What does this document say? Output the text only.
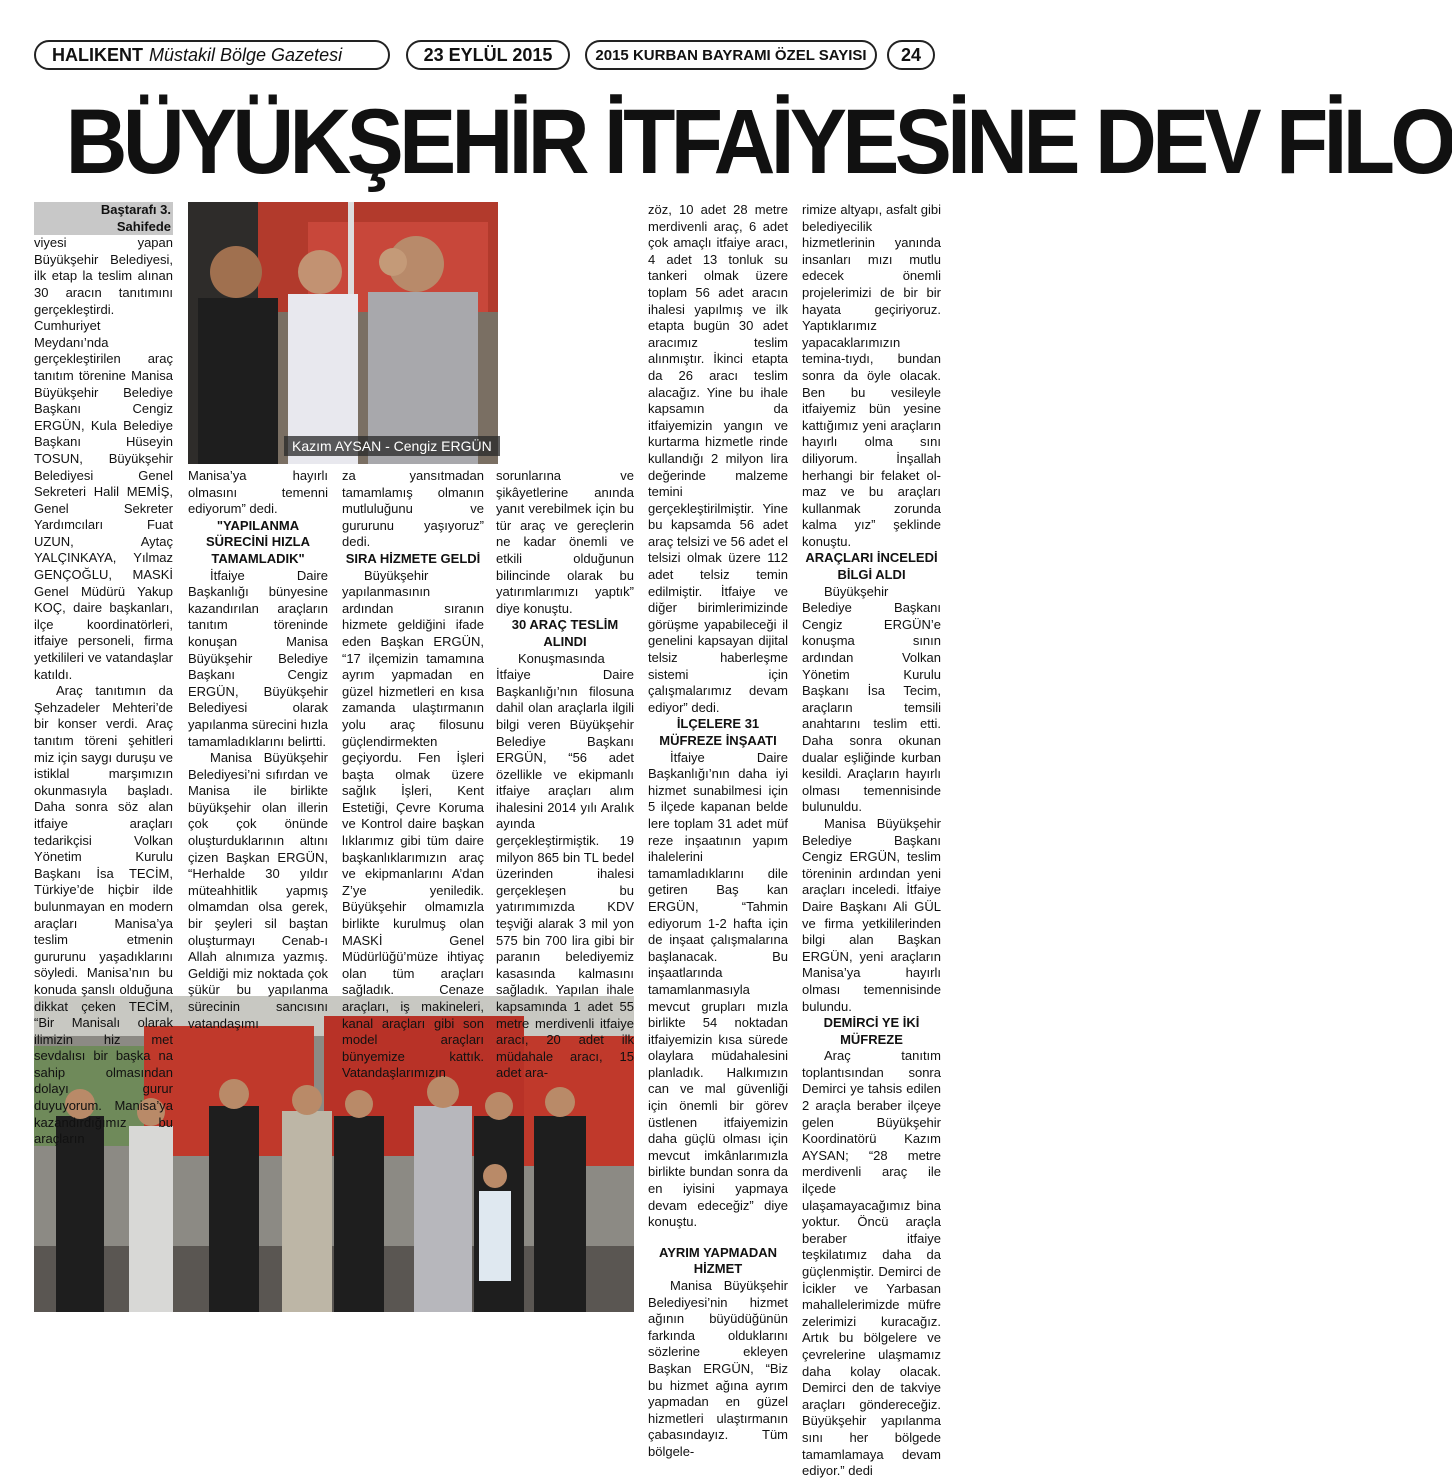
HALIKENT Müstakil Bölge Gazetesi	23 EYLÜL 2015	2015 KURBAN BAYRAMI ÖZEL SAYISI	24
BÜYÜKŞEHİR İTFAİYESİNE DEV FİLO
Kazım AYSAN - Cengiz ERGÜN
Baştarafı 3. Sahifede

viyesi yapan Büyükşehir Belediyesi, ilk etap la teslim alınan 30 aracın tanıtımını gerçekleştirdi. Cumhuriyet Meydanı’nda gerçekleştirilen araç tanıtım törenine Manisa Büyükşehir Belediye Başkanı Cengiz ERGÜN, Kula Belediye Başkanı Hüseyin TOSUN, Büyükşehir Belediyesi Genel Sekreteri Halil MEMİŞ, Genel Sekreter Yardımcıları Fuat UZUN, Aytaç YALÇINKAYA, Yılmaz GENÇOĞLU, MASKİ Genel Müdürü Yakup KOÇ, daire başkanları, ilçe koordinatörleri, itfaiye personeli, firma yetkilileri ve vatandaşlar katıldı.

Araç tanıtımın da Şehzadeler Mehteri’de bir konser verdi. Araç tanıtım töreni şehitleri miz için saygı duruşu ve istiklal marşımızın okunmasıyla başladı. Daha sonra söz alan itfaiye araçları tedarikçisi Volkan Yönetim Kurulu Başkanı İsa TECİM, Türkiye’de hiçbir ilde bulunmayan en modern araçları Manisa’ya teslim etmenin gururunu yaşadıklarını söyledi. Manisa’nın bu konuda şanslı olduğuna dikkat çeken TECİM, “Bir Manisalı olarak ilimizin hiz met sevdalısı bir başka na sahip olmasından dolayı gurur duyuyorum. Manisa’ya kazandırdığımız bu araçların

Manisa’ya hayırlı olmasını temenni ediyorum” dedi.

"YAPILANMA SÜRECİNİ HIZLA TAMAMLADIK"

İtfaiye Daire Başkanlığı bünyesine kazandırılan araçların tanıtım töreninde konuşan Manisa Büyükşehir Belediye Başkanı Cengiz ERGÜN, Büyükşehir Belediyesi olarak yapılanma sürecini hızla tamamladıklarını belirtti.

Manisa Büyükşehir Belediyesi’ni sıfırdan ve Manisa ile birlikte büyükşehir olan illerin çok çok önünde oluşturduklarının altını çizen Başkan ERGÜN, “Herhalde 30 yıldır müteahhitlik yapmış olmamdan olsa gerek, bir şeyleri sil baştan oluşturmayı Cenab-ı Allah alnımıza yazmış. Geldiği miz noktada çok şükür bu yapılanma sürecinin sancısını vatandaşımı

za yansıtmadan tamamlamış olmanın mutluluğunu ve gururunu yaşıyoruz” dedi.

SIRA HİZMETE GELDİ

Büyükşehir yapılanmasının ardından sıranın hizmete geldiğini ifade eden Başkan ERGÜN, “17 ilçemizin tamamına ayrım yapmadan en güzel hizmetleri en kısa zamanda ulaştırmanın yolu araç filosunu güçlendirmekten geçiyordu. Fen İşleri başta olmak üzere sağlık İşleri, Kent Estetiği, Çevre Koruma ve Kontrol daire başkan lıklarımız gibi tüm daire başkanlıklarımızın araç ve ekipmanlarını A’dan Z’ye yeniledik. Büyükşehir olmamızla birlikte kurulmuş olan MASKİ Genel Müdürlüğü’müze ihtiyaç olan tüm araçları sağladık. Cenaze araçları, iş makineleri, kanal araçları gibi son model araçları bünyemize kattık. Vatandaşlarımızın

sorunlarına ve şikâyetlerine anında yanıt verebilmek için bu tür araç ve gereçlerin ne kadar önemli ve etkili olduğunun bilincinde olarak bu yatırımlarımızı yaptık” diye konuştu.

30 ARAÇ TESLİM ALINDI

Konuşmasında İtfaiye Daire Başkanlığı’nın filosuna dahil olan araçlarla ilgili bilgi veren Büyükşehir Belediye Başkanı ERGÜN, “56 adet özellikle ve ekipmanlı itfaiye araçları alım ihalesini 2014 yılı Aralık ayında gerçekleştirmiştik. 19 milyon 865 bin TL bedel üzerinden ihalesi gerçekleşen bu yatırımımızda KDV teşviği alarak 3 mil yon 575 bin 700 lira gibi bir paranın belediyemiz kasasında kalmasını sağladık. Yapılan ihale kapsamında 1 adet 55 metre merdivenli itfaiye aracı, 20 adet ilk müdahale aracı, 15 adet ara-

zöz, 10 adet 28 metre merdivenli araç, 6 adet çok amaçlı itfaiye aracı, 4 adet 13 tonluk su tankeri olmak üzere toplam 56 adet aracın ihalesi yapılmış ve ilk etapta bugün 30 adet aracımız teslim alınmıştır. İkinci etapta da 26 aracı teslim alacağız. Yine bu ihale kapsamın da itfaiyemizin yangın ve kurtarma hizmetle rinde kullandığı 2 milyon lira değerinde malzeme temini gerçekleştirilmiştir. Yine bu kapsamda 56 adet araç telsizi ve 56 adet el telsizi olmak üzere 112 adet telsiz temin edilmiştir. İtfaiye ve diğer birimlerimizinde görüşme yapabileceği il genelini kapsayan dijital telsiz haberleşme sistemi için çalışmalarımız devam ediyor” dedi.

İLÇELERE 31 MÜFREZE İNŞAATI

İtfaiye Daire Başkanlığı’nın daha iyi hizmet sunabilmesi için 5 ilçede kapanan belde lere toplam 31 adet müf reze inşaatının yapım ihalelerini tamamladıklarını dile getiren Baş kan ERGÜN, “Tahmin ediyorum 1-2 hafta için de inşaat çalışmalarına başlanacak. Bu inşaatlarında tamamlanmasıyla mevcut grupları mızla birlikte 54 noktadan itfaiyemizin kısa sürede olaylara müdahalesini planladık. Halkımızın can ve mal güvenliği için önemli bir görev üstlenen itfaiyemizin daha güçlü olması için mevcut imkânlarımızla birlikte bundan sonra da en iyisini yapmaya devam edeceğiz” diye konuştu.

AYRIM YAPMADAN HİZMET

Manisa Büyükşehir Belediyesi’nin hizmet ağının büyüdüğünün farkında olduklarını sözlerine ekleyen Başkan ERGÜN, “Biz bu hizmet ağına ayrım yapmadan en güzel hizmetleri ulaştırmanın çabasındayız. Tüm bölgele-

rimize altyapı, asfalt gibi belediyecilik hizmetlerinin yanında insanları mızı mutlu edecek önemli projelerimizi de bir bir hayata geçiriyoruz. Yaptıklarımız yapacaklarımızın temina-tıydı, bundan sonra da öyle olacak. Ben bu vesileyle itfaiyemiz bün yesine kattığımız yeni araçların hayırlı olma sını diliyorum. İnşallah herhangi bir felaket ol-maz ve bu araçları kullanmak zorunda kalma yız” şeklinde konuştu.

ARAÇLARI İNCELEDİ BİLGİ ALDI

Büyükşehir Belediye Başkanı Cengiz ERGÜN’e konuşma sının ardından Volkan Yönetim Kurulu Başkanı İsa Tecim, araçların temsili anahtarını teslim etti. Daha sonra okunan dualar eşliğinde kurban kesildi. Araçların hayırlı olması temennisinde bulunuldu.

Manisa Büyükşehir Belediye Başkanı Cengiz ERGÜN, teslim töreninin ardından yeni araçları inceledi. İtfaiye Daire Başkanı Ali GÜL ve firma yetkililerinden bilgi alan Başkan ERGÜN, yeni araçların Manisa’ya hayırlı olması temennisinde bulundu.

DEMİRCİ YE İKİ MÜFREZE

Araç tanıtım toplantısından sonra Demirci ye tahsis edilen 2 araçla beraber ilçeye gelen Büyükşehir Koordinatörü Kazım AYSAN; “28 metre merdivenli araç ile ilçede ulaşamayacağımız bina yoktur. Öncü araçla beraber itfaiye teşkilatımız daha da güçlenmiştir. Demirci de İcikler ve Yarbasan mahallelerimizde müfre zelerimizi kuracağız. Artık bu bölgelere ve çevrelerine ulaşmamız daha kolay olacak. Demirci den de takviye araçları göndereceğiz. Büyükşehir yapılanma sını her bölgede tamamlamaya devam ediyor.” dedi
